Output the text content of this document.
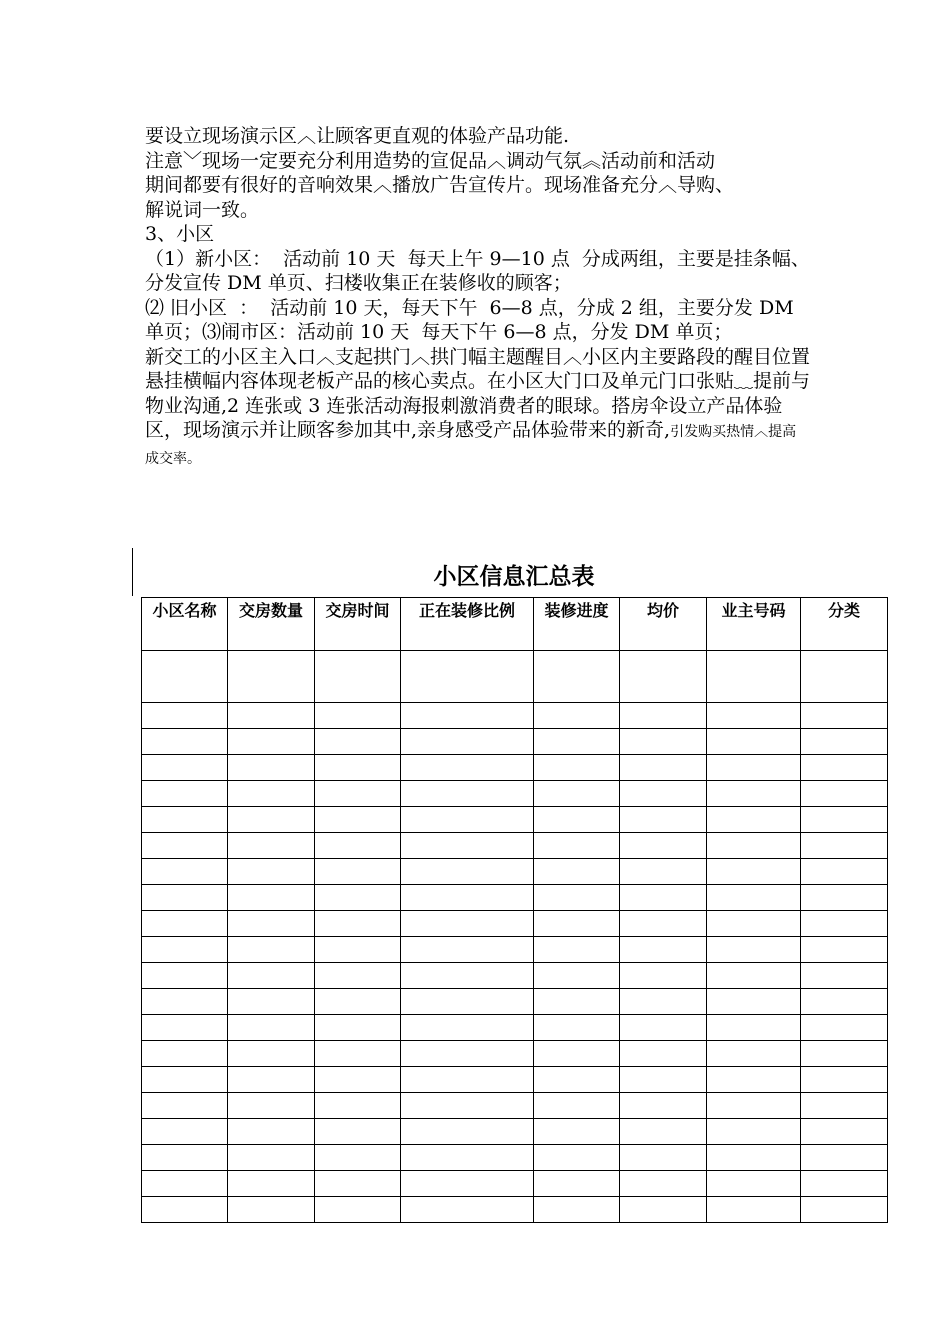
要设立现场演示区︿让顾客更直观的体验产品功能.

注意﹀现场一定要充分利用造势的宣促品︿调动气氛︽活动前和活动

期间都要有很好的音响效果︿播放广告宣传片。现场准备充分︿导购、

解说词一致。

3、小区

（1）新小区：  活动前 10 天  每天上午 9—10 点  分成两组，主要是挂条幅、分发宣传 DM 单页、扫楼收集正在装修收的顾客；

⑵ 旧小区  ：  活动前 10 天，每天下午  6—8 点，分成 2 组，主要分发 DM 单页；⑶闹市区：活动前 10 天  每天下午 6—8 点，分发 DM 单页；

新交工的小区主入口︿支起拱门︿拱门幅主题醒目︿小区内主要路段的醒目位置悬挂横幅内容体现老板产品的核心卖点。在小区大门口及单元门口张贴﹏提前与物业沟通,2 连张或 3 连张活动海报刺激消费者的眼球。搭房伞设立产品体验区，现场演示并让顾客参加其中,亲身感受产品体验带来的新奇,引发购买热情︿提高成交率。

小区信息汇总表
小区名称	交房数量	交房时间	正在装修比例	装修进度	均价	业主号码	分类
